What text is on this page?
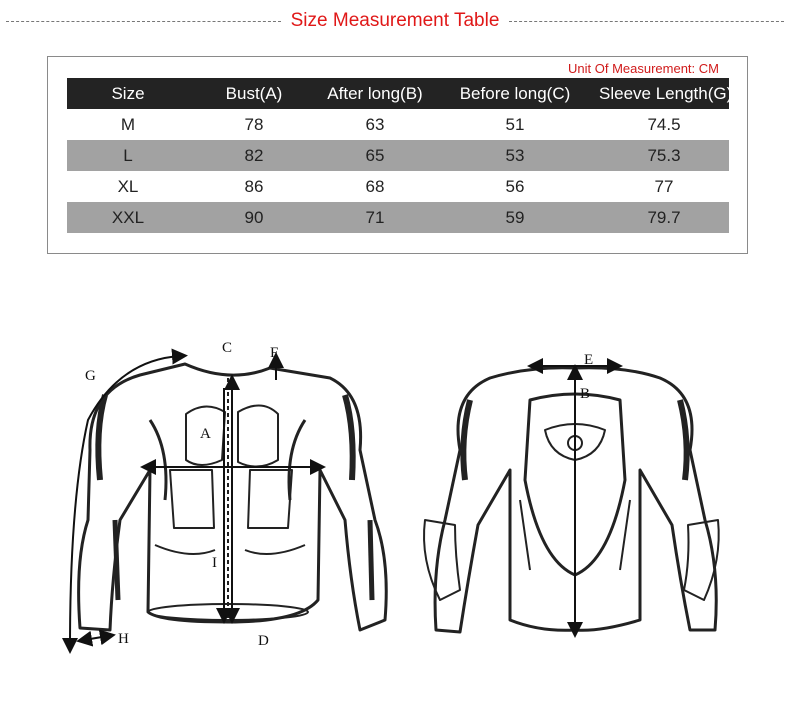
Size Measurement Table
Unit Of Measurement: CM
Size	Bust(A)	After long(B)	Before long(C)	Sleeve Length(G)
M	78	63	51	74.5
L	82	65	53	75.3
XL	86	68	56	77
XXL	90	71	59	79.7
C	F
G
A
I
H	D
E
B
